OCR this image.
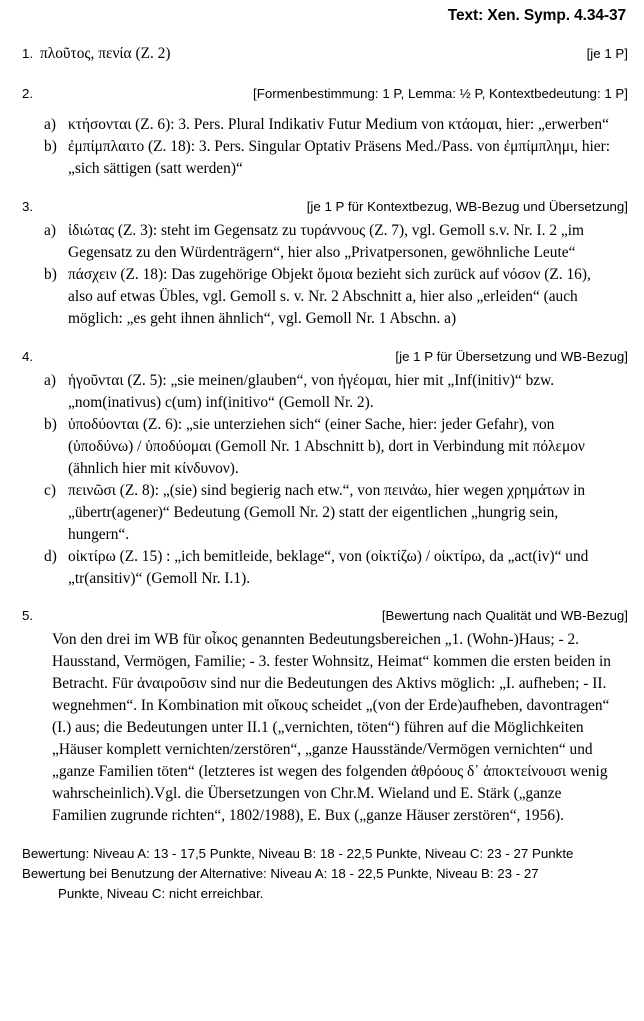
Text: Xen. Symp. 4.34-37
1. πλοῦτος, πενία (Z. 2)	[je 1 P]
2.	[Formenbestimmung: 1 P, Lemma: ½ P, Kontextbedeutung: 1 P]
a) κτήσονται (Z. 6): 3. Pers. Plural Indikativ Futur Medium von κτάομαι, hier: „erwerben“
b) ἐμπίμπλαιτο (Z. 18): 3. Pers. Singular Optativ Präsens Med./Pass. von ἐμπίμπλημι, hier: „sich sättigen (satt werden)“
3.	[je 1 P für Kontextbezug, WB-Bezug und Übersetzung]
a) ἰδιώτας (Z. 3): steht im Gegensatz zu τυράννους (Z. 7), vgl. Gemoll s.v. Nr. I. 2 „im Gegensatz zu den Würdenträgern“, hier also „Privatpersonen, gewöhnliche Leute“
b) πάσχειν (Z. 18): Das zugehörige Objekt ὅμοια bezieht sich zurück auf νόσον (Z. 16), also auf etwas Übles, vgl. Gemoll s. v. Nr. 2 Abschnitt a, hier also „erleiden“ (auch möglich: „es geht ihnen ähnlich“, vgl. Gemoll Nr. 1 Abschn. a)
4.	[je 1 P für Übersetzung und WB-Bezug]
a) ἡγοῦνται (Z. 5): „sie meinen/glauben“, von ἡγέομαι, hier mit „Inf(initiv)“ bzw. „nom(inativus) c(um) inf(initivo“ (Gemoll Nr. 2).
b) ὑποδύονται (Z. 6): „sie unterziehen sich“ (einer Sache, hier: jeder Gefahr), von (ὑποδύνω) / ὑποδύομαι (Gemoll Nr. 1 Abschnitt b), dort in Verbindung mit πόλεμον (ähnlich hier mit κίνδυνον).
c) πεινῶσι (Z. 8): „(sie) sind begierig nach etw.“, von πεινάω, hier wegen χρημάτων in „übertr(agener)“ Bedeutung (Gemoll Nr. 2) statt der eigentlichen „hungrig sein, hungern“.
d) οἰκτίρω (Z. 15) : „ich bemitleide, beklage“, von (οἰκτίζω) / οἰκτίρω, da „act(iv)“ und „tr(ansitiv)“ (Gemoll Nr. I.1).
5.	[Bewertung nach Qualität und WB-Bezug]
Von den drei im WB für οἶκος genannten Bedeutungsbereichen „1. (Wohn-)Haus; - 2. Hausstand, Vermögen, Familie; - 3. fester Wohnsitz, Heimat“ kommen die ersten beiden in Betracht. Für ἀναιροῦσιν sind nur die Bedeutungen des Aktivs möglich: „I. aufheben; - II. wegnehmen“. In Kombination mit οἴκους scheidet „(von der Erde)aufheben, davontragen“ (I.) aus; die Bedeutungen unter II.1 („vernichten, töten“) führen auf die Möglichkeiten „Häuser komplett vernichten/zerstören“, „ganze Hausstände/Vermögen vernichten“ und „ganze Familien töten“ (letzteres ist wegen des folgenden ἀθρόους δ᾽ ἀποκτείνουσι wenig wahrscheinlich).Vgl. die Übersetzungen von Chr.M. Wieland und E. Stärk („ganze Familien zugrunde richten“, 1802/1988), E. Bux („ganze Häuser zerstören“, 1956).
Bewertung: Niveau A: 13 - 17,5 Punkte, Niveau B: 18 - 22,5 Punkte, Niveau C: 23 - 27 Punkte
Bewertung bei Benutzung der Alternative: Niveau A: 18 - 22,5 Punkte, Niveau B: 23 - 27
Punkte, Niveau C: nicht erreichbar.
